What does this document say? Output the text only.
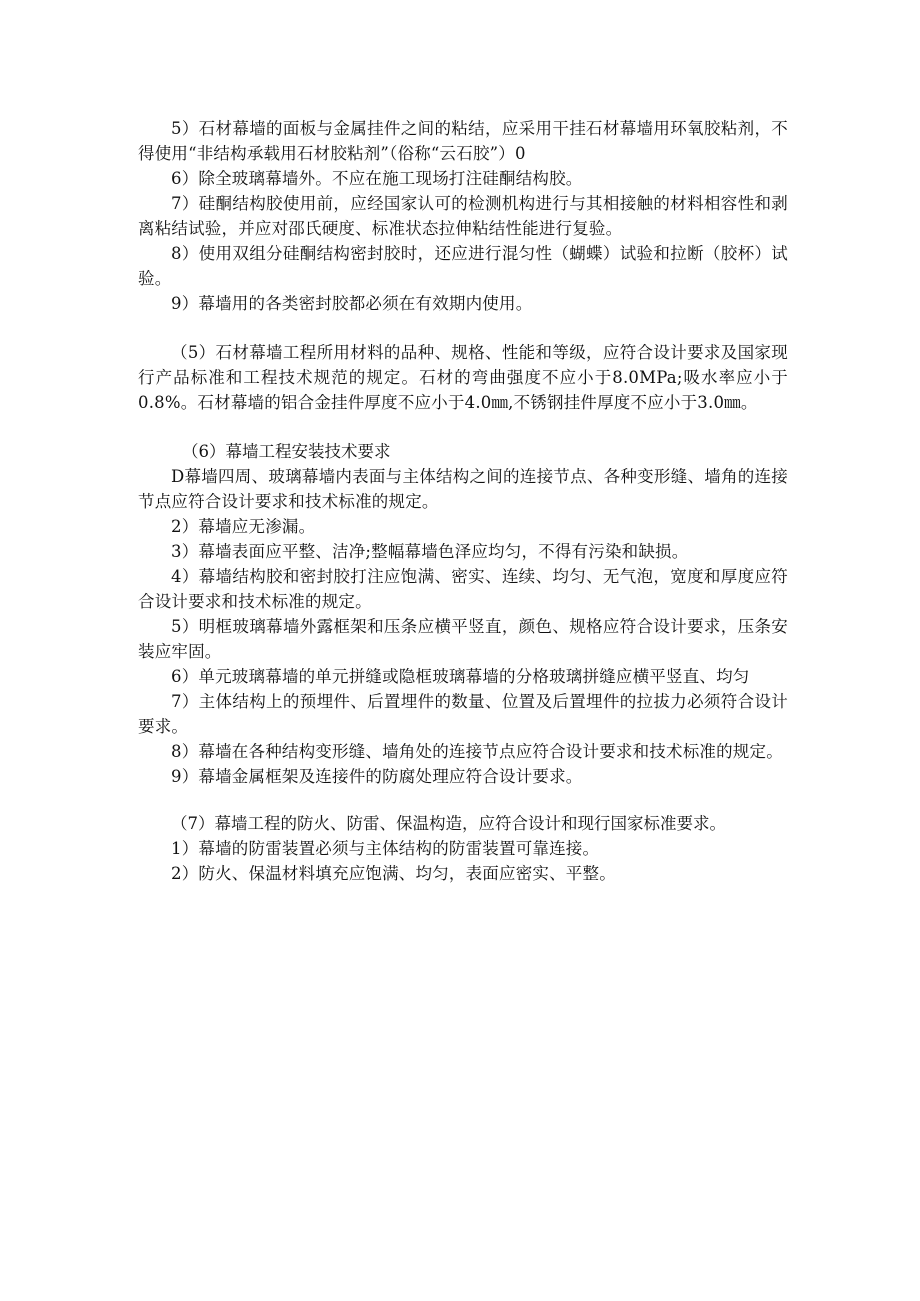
5）石材幕墙的面板与金属挂件之间的粘结，应采用干挂石材幕墙用环氧胶粘剂，不得使用“非结构承载用石材胶粘剂”（俗称“云石胶”）0

6）除全玻璃幕墙外。不应在施工现场打注硅酮结构胶。

7）硅酮结构胶使用前，应经国家认可的检测机构进行与其相接触的材料相容性和剥离粘结试验，并应对邵氏硬度、标准状态拉伸粘结性能进行复验。

8）使用双组分硅酮结构密封胶时，还应进行混匀性（蝴蝶）试验和拉断（胶杯）试验。

9）幕墙用的各类密封胶都必须在有效期内使用。

（5）石材幕墙工程所用材料的品种、规格、性能和等级，应符合设计要求及国家现行产品标准和工程技术规范的规定。石材的弯曲强度不应小于8.0MPa;吸水率应小于0.8%。石材幕墙的铝合金挂件厚度不应小于4.0㎜,不锈钢挂件厚度不应小于3.0㎜。

（6）幕墙工程安装技术要求

D幕墙四周、玻璃幕墙内表面与主体结构之间的连接节点、各种变形缝、墙角的连接节点应符合设计要求和技术标准的规定。

2）幕墙应无渗漏。

3）幕墙表面应平整、洁净;整幅幕墙色泽应均匀，不得有污染和缺损。

4）幕墙结构胶和密封胶打注应饱满、密实、连续、均匀、无气泡，宽度和厚度应符合设计要求和技术标准的规定。

5）明框玻璃幕墙外露框架和压条应横平竖直，颜色、规格应符合设计要求，压条安装应牢固。

6）单元玻璃幕墙的单元拼缝或隐框玻璃幕墙的分格玻璃拼缝应横平竖直、均匀

7）主体结构上的预埋件、后置埋件的数量、位置及后置埋件的拉拔力必须符合设计要求。

8）幕墙在各种结构变形缝、墙角处的连接节点应符合设计要求和技术标准的规定。

9）幕墙金属框架及连接件的防腐处理应符合设计要求。

（7）幕墙工程的防火、防雷、保温构造，应符合设计和现行国家标准要求。

1）幕墙的防雷装置必须与主体结构的防雷装置可靠连接。

2）防火、保温材料填充应饱满、均匀，表面应密实、平整。
